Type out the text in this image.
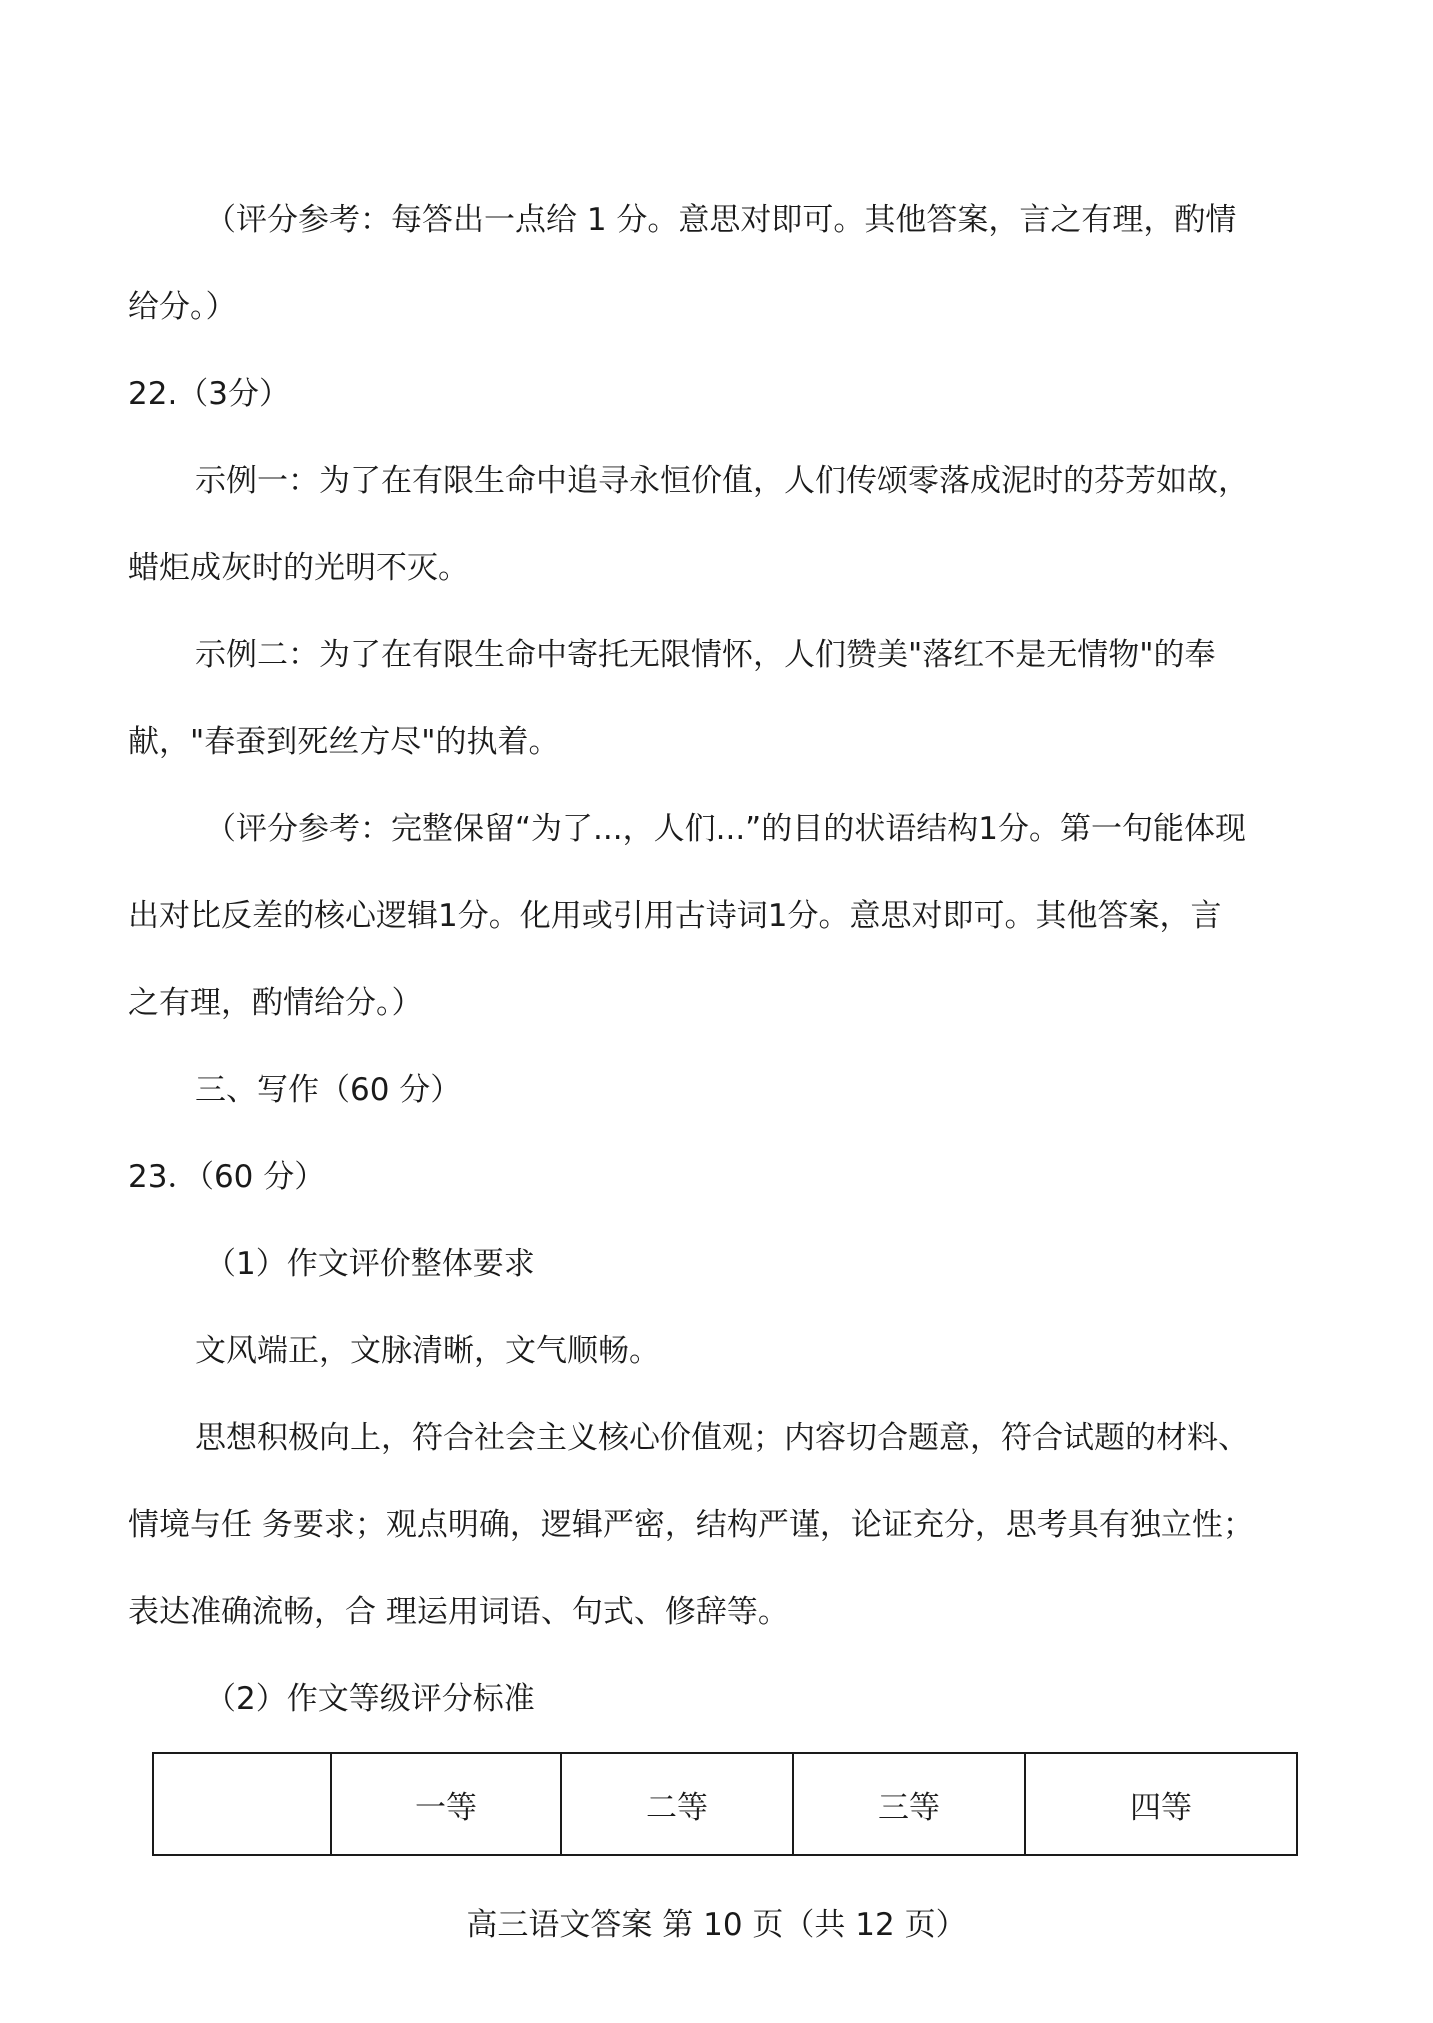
（评分参考：每答出一点给 1 分。意思对即可。其他答案，言之有理，酌情
给分。）
22.（3分）
示例一：为了在有限生命中追寻永恒价值，人们传颂零落成泥时的芬芳如故，
蜡炬成灰时的光明不灭。
示例二：为了在有限生命中寄托无限情怀，人们赞美"落红不是无情物"的奉
献，"春蚕到死丝方尽"的执着。
（评分参考：完整保留“为了...，人们...”的目的状语结构1分。第一句能体现
出对比反差的核心逻辑1分。化用或引用古诗词1分。意思对即可。其他答案，言
之有理，酌情给分。）
三、写作（60 分）
23．（60 分）
（1）作文评价整体要求
文风端正，文脉清晰，文气顺畅。
思想积极向上，符合社会主义核心价值观；内容切合题意，符合试题的材料、
情境与任 务要求；观点明确，逻辑严密，结构严谨，论证充分，思考具有独立性；
表达准确流畅，合 理运用词语、句式、修辞等。
（2）作文等级评分标准
	一等	二等	三等	四等
高三语文答案 第 10 页（共 12 页）
